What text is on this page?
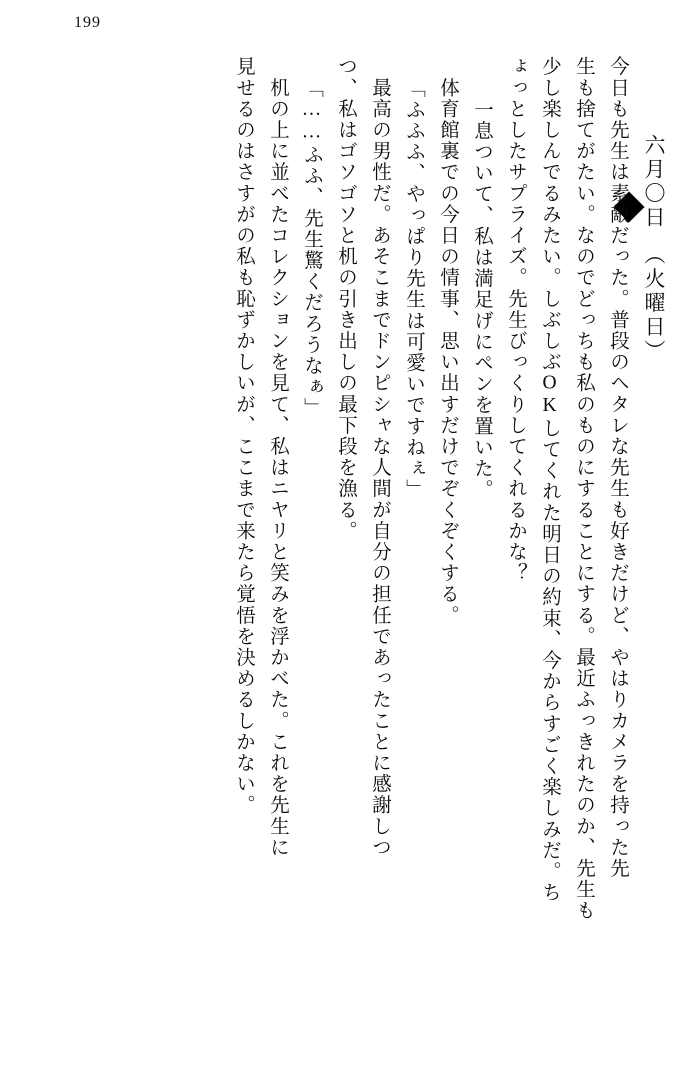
199
六月〇日　（火曜日）
今日も先生は素敵だった。普段のヘタレな先生も好きだけど、やはりカメラを持った先
生も捨てがたい。なのでどっちも私のものにすることにする。最近ふっきれたのか、先生も
少し楽しんでるみたい。しぶしぶOKしてくれた明日の約束、今からすごく楽しみだ。ち
ょっとしたサプライズ。先生びっくりしてくれるかな？
　一息ついて、私は満足げにペンを置いた。
　体育館裏での今日の情事、思い出すだけでぞくぞくする。
「ふふふ、やっぱり先生は可愛いですねぇ」
　最高の男性だ。あそこまでドンピシャな人間が自分の担任であったことに感謝しつ
つ、私はゴソゴソと机の引き出しの最下段を漁る。
「……ふふ、先生驚くだろうなぁ」
　机の上に並べたコレクションを見て、私はニヤリと笑みを浮かべた。これを先生に
見せるのはさすがの私も恥ずかしいが、ここまで来たら覚悟を決めるしかない。
